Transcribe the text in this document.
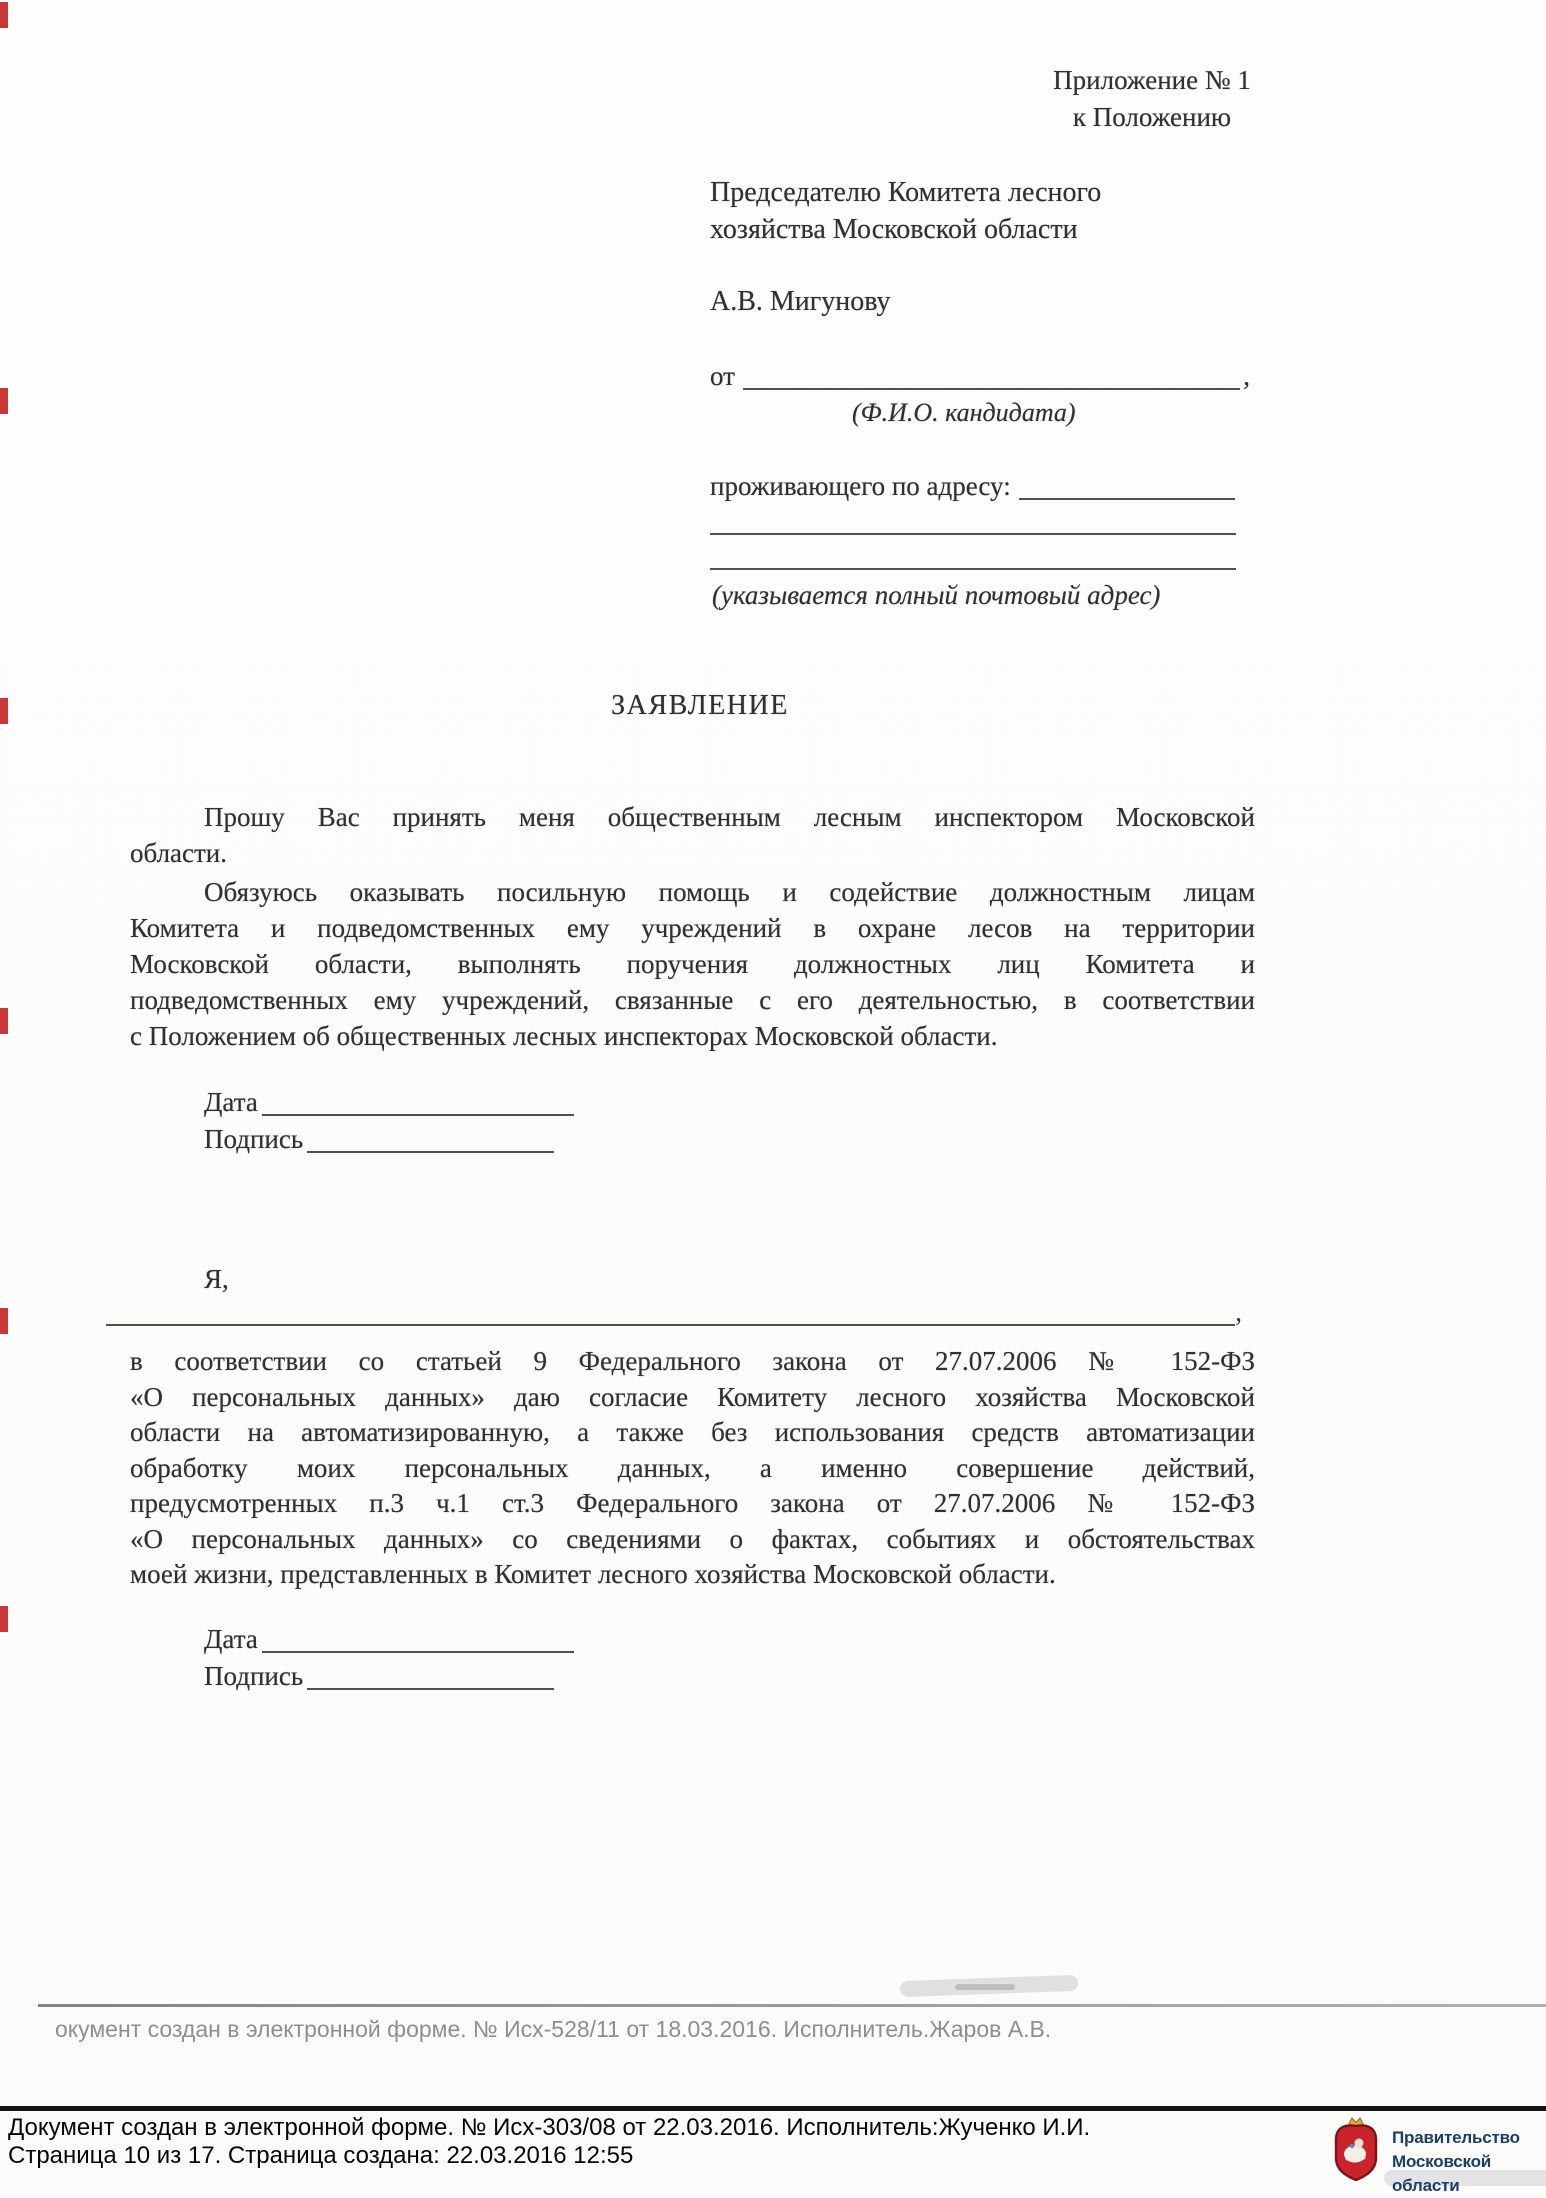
Приложение № 1
к Положению
Председателю Комитета лесного
хозяйства Московской области
А.В. Мигунову
от	,
(Ф.И.О. кандидата)
проживающего по адресу:
(указывается полный почтовый адрес)
ЗАЯВЛЕНИЕ
Прошу Вас принять меня общественным лесным инспектором Московской
области.
Обязуюсь оказывать посильную помощь и содействие должностным лицам
Комитета и подведомственных ему учреждений в охране лесов на территории
Московской области, выполнять поручения должностных лиц Комитета и
подведомственных ему учреждений, связанные с его деятельностью, в соответствии
с Положением об общественных лесных инспекторах Московской области.
Дата
Подпись
Я,
,
в соответствии со статьей 9 Федерального закона от 27.07.2006 № 152-ФЗ
«О персональных данных» даю согласие Комитету лесного хозяйства Московской
области на автоматизированную, а также без использования средств автоматизации
обработку моих персональных данных, а именно совершение действий,
предусмотренных п.3 ч.1 ст.3 Федерального закона от 27.07.2006 № 152-ФЗ
«О персональных данных» со сведениями о фактах, событиях и обстоятельствах
моей жизни, представленных в Комитет лесного хозяйства Московской области.
Дата
Подпись
окумент создан в электронной форме. № Исх-528/11 от 18.03.2016. Исполнитель.Жаров А.В.
Документ создан в электронной форме. № Исх-303/08 от 22.03.2016. Исполнитель:Жученко И.И.
Страница 10 из 17. Страница создана: 22.03.2016 12:55
Правительство
Московской области
